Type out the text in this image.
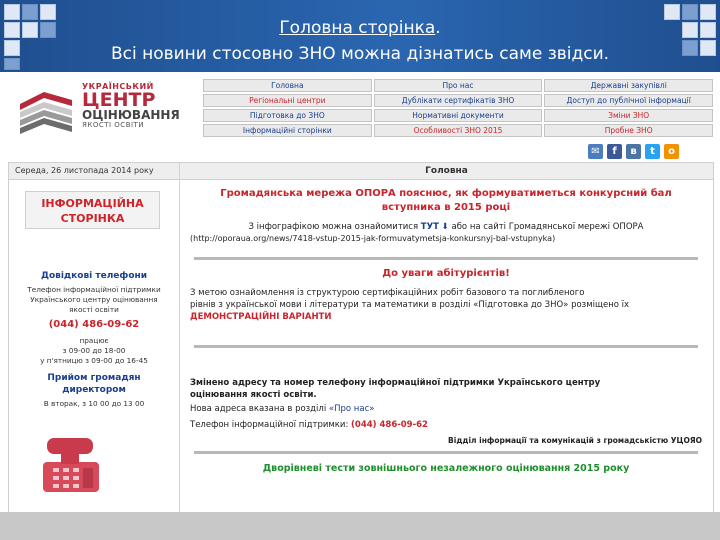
Головна сторінка.
Всі новини стосовно ЗНО можна дізнатись саме звідси.
УКРАЇНСЬКИЙ
ЦЕНТР
ОЦІНЮВАННЯ
ЯКОСТІ ОСВІТИ
Головна	Про нас	Державні закупівлі
Регіональні центри	Дублікати сертифікатів ЗНО	Доступ до публічної інформації
Підготовка до ЗНО	Нормативні документи	Зміни ЗНО
Інформаційні сторінки	Особливості ЗНО 2015	Пробне ЗНО
✉	f	в	t	о
Середа, 26 листопада 2014 року
ІНФОРМАЦІЙНА СТОРІНКА
Довідкові телефони
Телефон інформаційної підтримки
Українського центру оцінювання
якості освіти
(044) 486-09-62
працює
з 09-00 до 18-00
у п'ятницю з 09-00 до 16-45
Прийом громадян
директором
В вторак, з 10 00 до 13 00
Головна
Громадянська мережа ОПОРА пояснює, як формуватиметься конкурсний бал вступника в 2015 році
З інфографікою можна ознайомитися ТУТ ⬇ або на сайті Громадянської мережі ОПОРА
(http://oporaua.org/news/7418-vstup-2015-jak-formuvatymetsja-konkursnyj-bal-vstupnyka)
До уваги абітурієнтів!
З метою ознайомлення із структурою сертифікаційних робіт базового та поглибленого
рівнів з української мови і літератури та математики в розділі «Підготовка до ЗНО» розміщено їх
ДЕМОНСТРАЦІЙНІ ВАРІАНТИ
Змінено адресу та номер телефону інформаційної підтримки Українського центру
оцінювання якості освіти.
Нова адреса вказана в розділі «Про нас»
Телефон інформаційної підтримки: (044) 486-09-62
Відділ інформації та комунікацій з громадськістю УЦОЯО
Дворівневі тести зовнішнього незалежного оцінювання 2015 року
